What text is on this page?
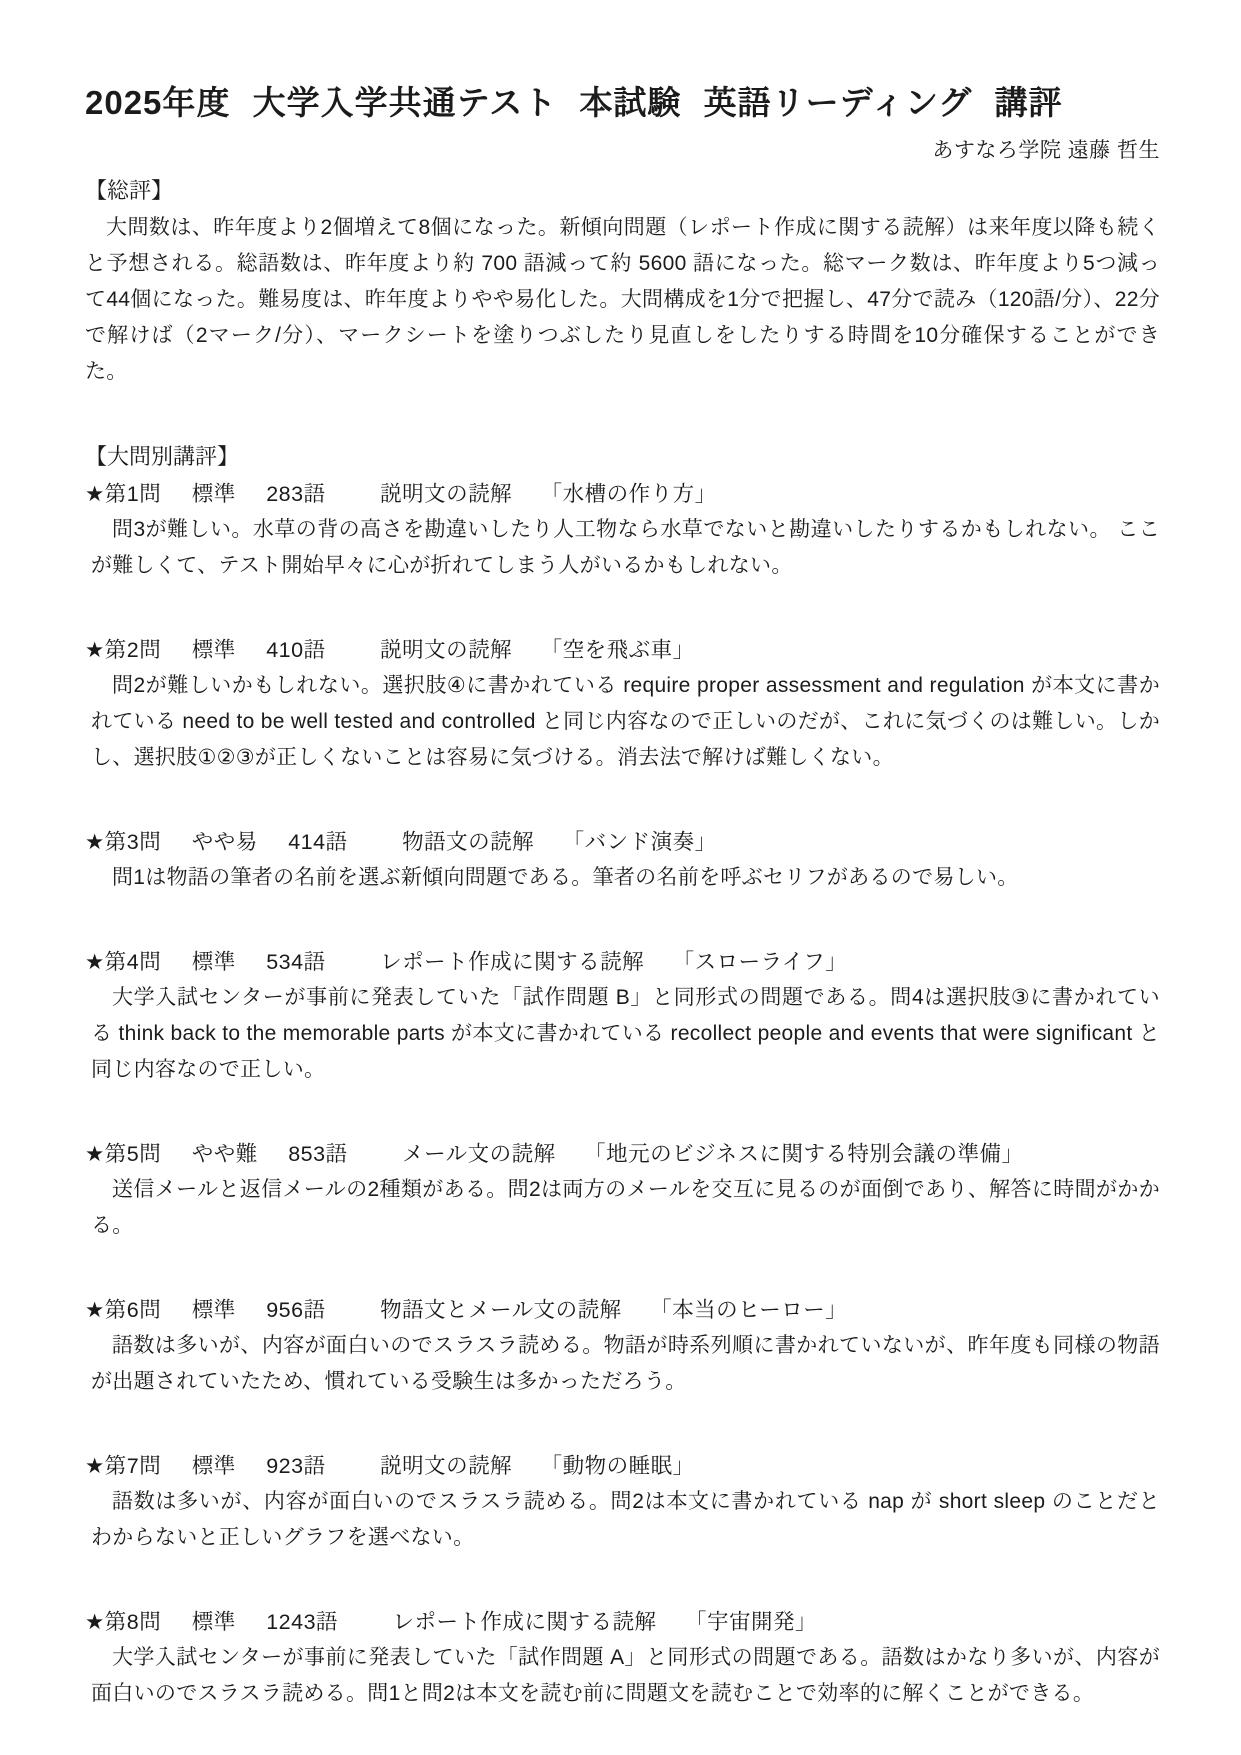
2025年度 大学入学共通テスト 本試験 英語リーディング 講評
あすなろ学院 遠藤 哲生
【総評】

大問数は、昨年度より2個増えて8個になった。新傾向問題（レポート作成に関する読解）は来年度以降も続くと予想される。総語数は、昨年度より約 700 語減って約 5600 語になった。総マーク数は、昨年度より5つ減って44個になった。難易度は、昨年度よりやや易化した。大問構成を1分で把握し、47分で読み（120語/分）、22分で解けば（2マーク/分）、マークシートを塗りつぶしたり見直しをしたりする時間を10分確保することができた。

【大問別講評】
★第1問 標準 283語	説明文の読解 「水槽の作り方」

問3が難しい。水草の背の高さを勘違いしたり人工物なら水草でないと勘違いしたりするかもしれない。 ここが難しくて、テスト開始早々に心が折れてしまう人がいるかもしれない。

★第2問 標準 410語	説明文の読解 「空を飛ぶ車」

問2が難しいかもしれない。選択肢④に書かれている require proper assessment and regulation が本文に書かれている need to be well tested and controlled と同じ内容なので正しいのだが、これに気づくのは難しい。しかし、選択肢①②③が正しくないことは容易に気づける。消去法で解けば難しくない。

★第3問 やや易 414語	物語文の読解 「バンド演奏」

問1は物語の筆者の名前を選ぶ新傾向問題である。筆者の名前を呼ぶセリフがあるので易しい。

★第4問 標準 534語	レポート作成に関する読解 「スローライフ」

大学入試センターが事前に発表していた「試作問題 B」と同形式の問題である。問4は選択肢③に書かれている think back to the memorable parts が本文に書かれている recollect people and events that were significant と同じ内容なので正しい。

★第5問 やや難 853語	メール文の読解 「地元のビジネスに関する特別会議の準備」

送信メールと返信メールの2種類がある。問2は両方のメールを交互に見るのが面倒であり、解答に時間がかかる。

★第6問 標準 956語	物語文とメール文の読解 「本当のヒーロー」

語数は多いが、内容が面白いのでスラスラ読める。物語が時系列順に書かれていないが、昨年度も同様の物語が出題されていたため、慣れている受験生は多かっただろう。

★第7問 標準 923語	説明文の読解 「動物の睡眠」

語数は多いが、内容が面白いのでスラスラ読める。問2は本文に書かれている nap が short sleep のことだとわからないと正しいグラフを選べない。

★第8問 標準 1243語	レポート作成に関する読解 「宇宙開発」

大学入試センターが事前に発表していた「試作問題 A」と同形式の問題である。語数はかなり多いが、内容が面白いのでスラスラ読める。問1と問2は本文を読む前に問題文を読むことで効率的に解くことができる。
